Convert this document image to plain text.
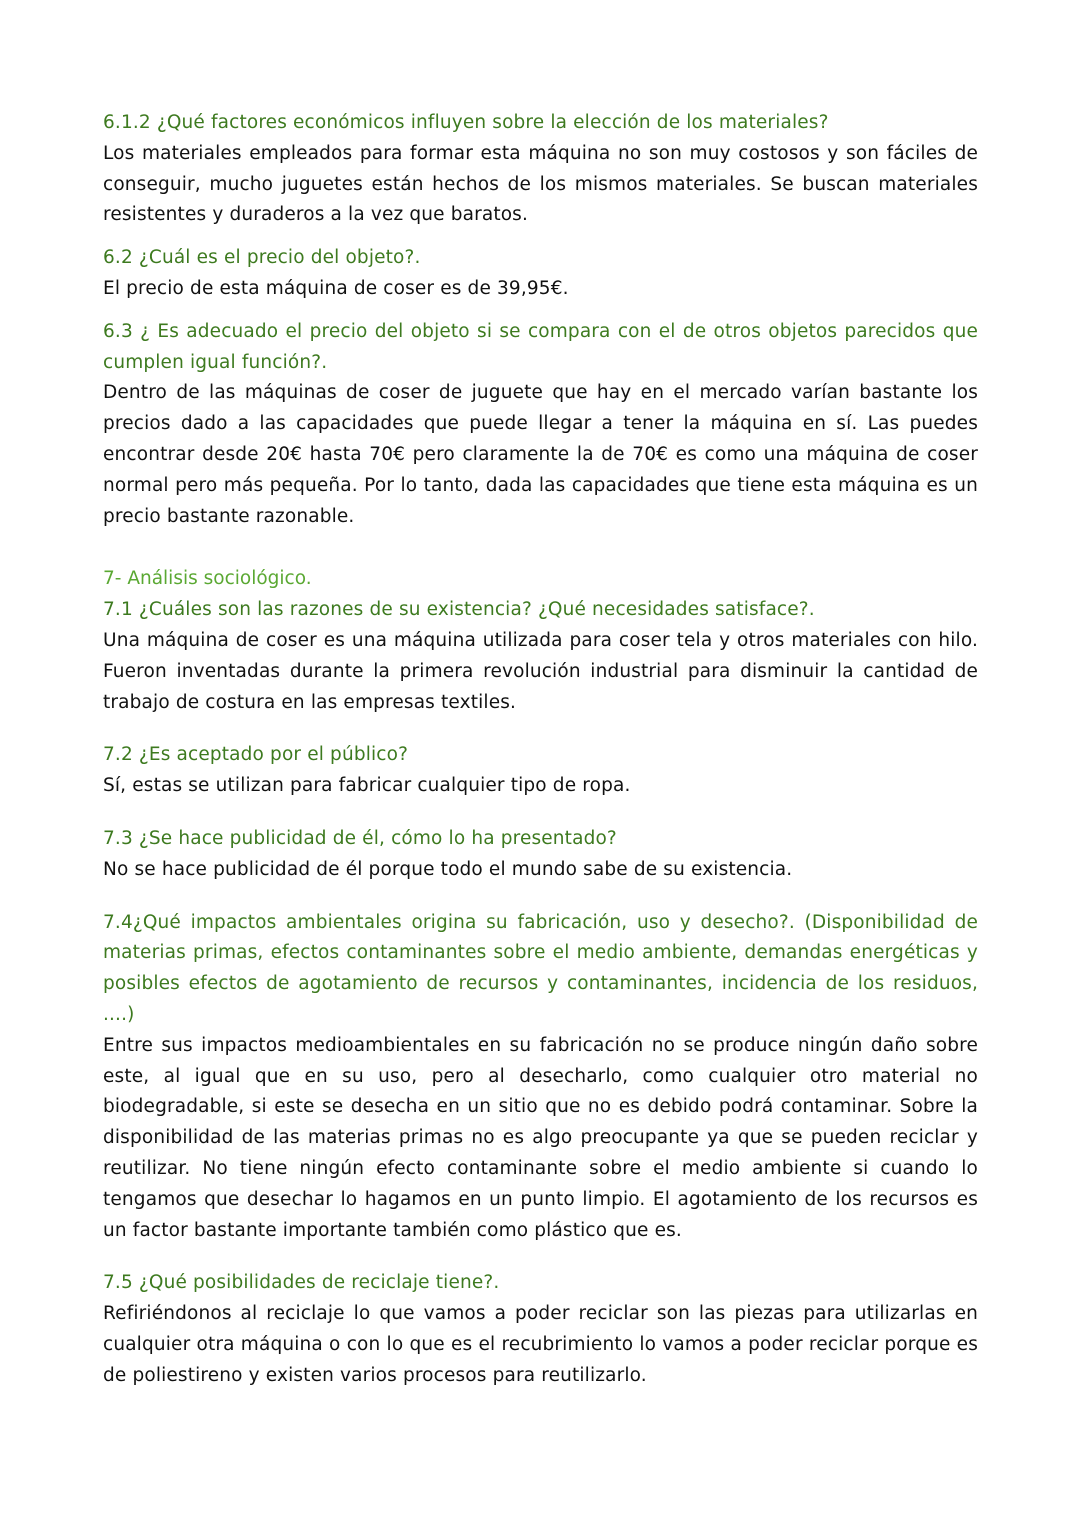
6.1.2 ¿Qué factores económicos influyen sobre la elección de los materiales?

Los materiales empleados para formar esta máquina no son muy costosos y son fáciles de conseguir, mucho juguetes están hechos de los mismos materiales. Se buscan materiales resistentes y duraderos a la vez que baratos.

6.2 ¿Cuál es el precio del objeto?.

El precio de esta máquina de coser es de 39,95€.

6.3 ¿ Es adecuado el precio del objeto si se compara con el de otros objetos parecidos que cumplen igual función?.

Dentro de las máquinas de coser de juguete que hay en el mercado varían bastante los precios dado a las capacidades que puede llegar a tener la máquina en sí. Las puedes encontrar desde 20€ hasta 70€ pero claramente la de 70€ es como una máquina de coser normal pero más pequeña. Por lo tanto, dada las capacidades que tiene esta máquina es un precio bastante razonable.

7- Análisis sociológico.

7.1 ¿Cuáles son las razones de su existencia? ¿Qué necesidades satisface?.

Una máquina de coser es una máquina utilizada para coser tela y otros materiales con hilo. Fueron inventadas durante la primera revolución industrial para disminuir la cantidad de trabajo de costura en las empresas textiles.

7.2 ¿Es aceptado por el público?

Sí, estas se utilizan para fabricar cualquier tipo de ropa.

7.3 ¿Se hace publicidad de él, cómo lo ha presentado?

No se hace publicidad de él porque todo el mundo sabe de su existencia.

7.4¿Qué impactos ambientales origina su fabricación, uso y desecho?. (Disponibilidad de materias primas, efectos contaminantes sobre el medio ambiente, demandas energéticas y posibles efectos de agotamiento de recursos y contaminantes, incidencia de los residuos, ....)

Entre sus impactos medioambientales en su fabricación no se produce ningún daño sobre este, al igual que en su uso, pero al desecharlo, como cualquier otro material no biodegradable, si este se desecha en un sitio que no es debido podrá contaminar. Sobre la disponibilidad de las materias primas no es algo preocupante ya que se pueden reciclar y reutilizar. No tiene ningún efecto contaminante sobre el medio ambiente si cuando lo tengamos que desechar lo hagamos en un punto limpio. El agotamiento de los recursos es un factor bastante importante también como plástico que es.

7.5 ¿Qué posibilidades de reciclaje tiene?.

Refiriéndonos al reciclaje lo que vamos a poder reciclar son las piezas para utilizarlas en cualquier otra máquina o con lo que es el recubrimiento lo vamos a poder reciclar porque es de poliestireno y existen varios procesos para reutilizarlo.
